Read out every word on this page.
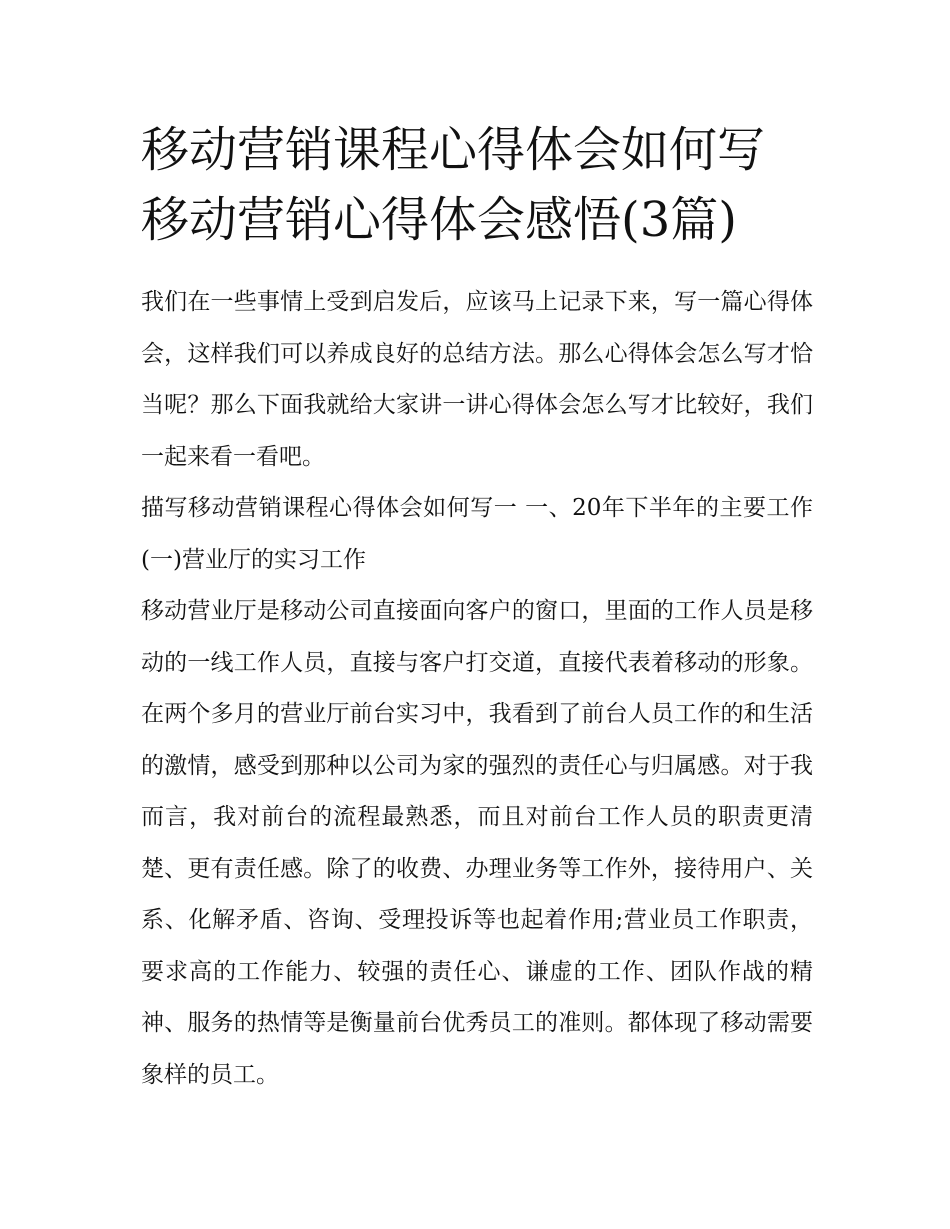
移动营销课程心得体会如何写 移动营销心得体会感悟(3篇)

我们在一些事情上受到启发后，应该马上记录下来，写一篇心得体会，这样我们可以养成良好的总结方法。那么心得体会怎么写才恰当呢？那么下面我就给大家讲一讲心得体会怎么写才比较好，我们一起来看一看吧。

描写移动营销课程心得体会如何写一 一、20年下半年的主要工作 (一)营业厅的实习工作

移动营业厅是移动公司直接面向客户的窗口，里面的工作人员是移动的一线工作人员，直接与客户打交道，直接代表着移动的形象。在两个多月的营业厅前台实习中，我看到了前台人员工作的和生活的激情，感受到那种以公司为家的强烈的责任心与归属感。对于我而言，我对前台的流程最熟悉，而且对前台工作人员的职责更清楚、更有责任感。除了的收费、办理业务等工作外，接待用户、关系、化解矛盾、咨询、受理投诉等也起着作用;营业员工作职责，要求高的工作能力、较强的责任心、谦虚的工作、团队作战的精神、服务的热情等是衡量前台优秀员工的准则。都体现了移动需要象样的员工。
